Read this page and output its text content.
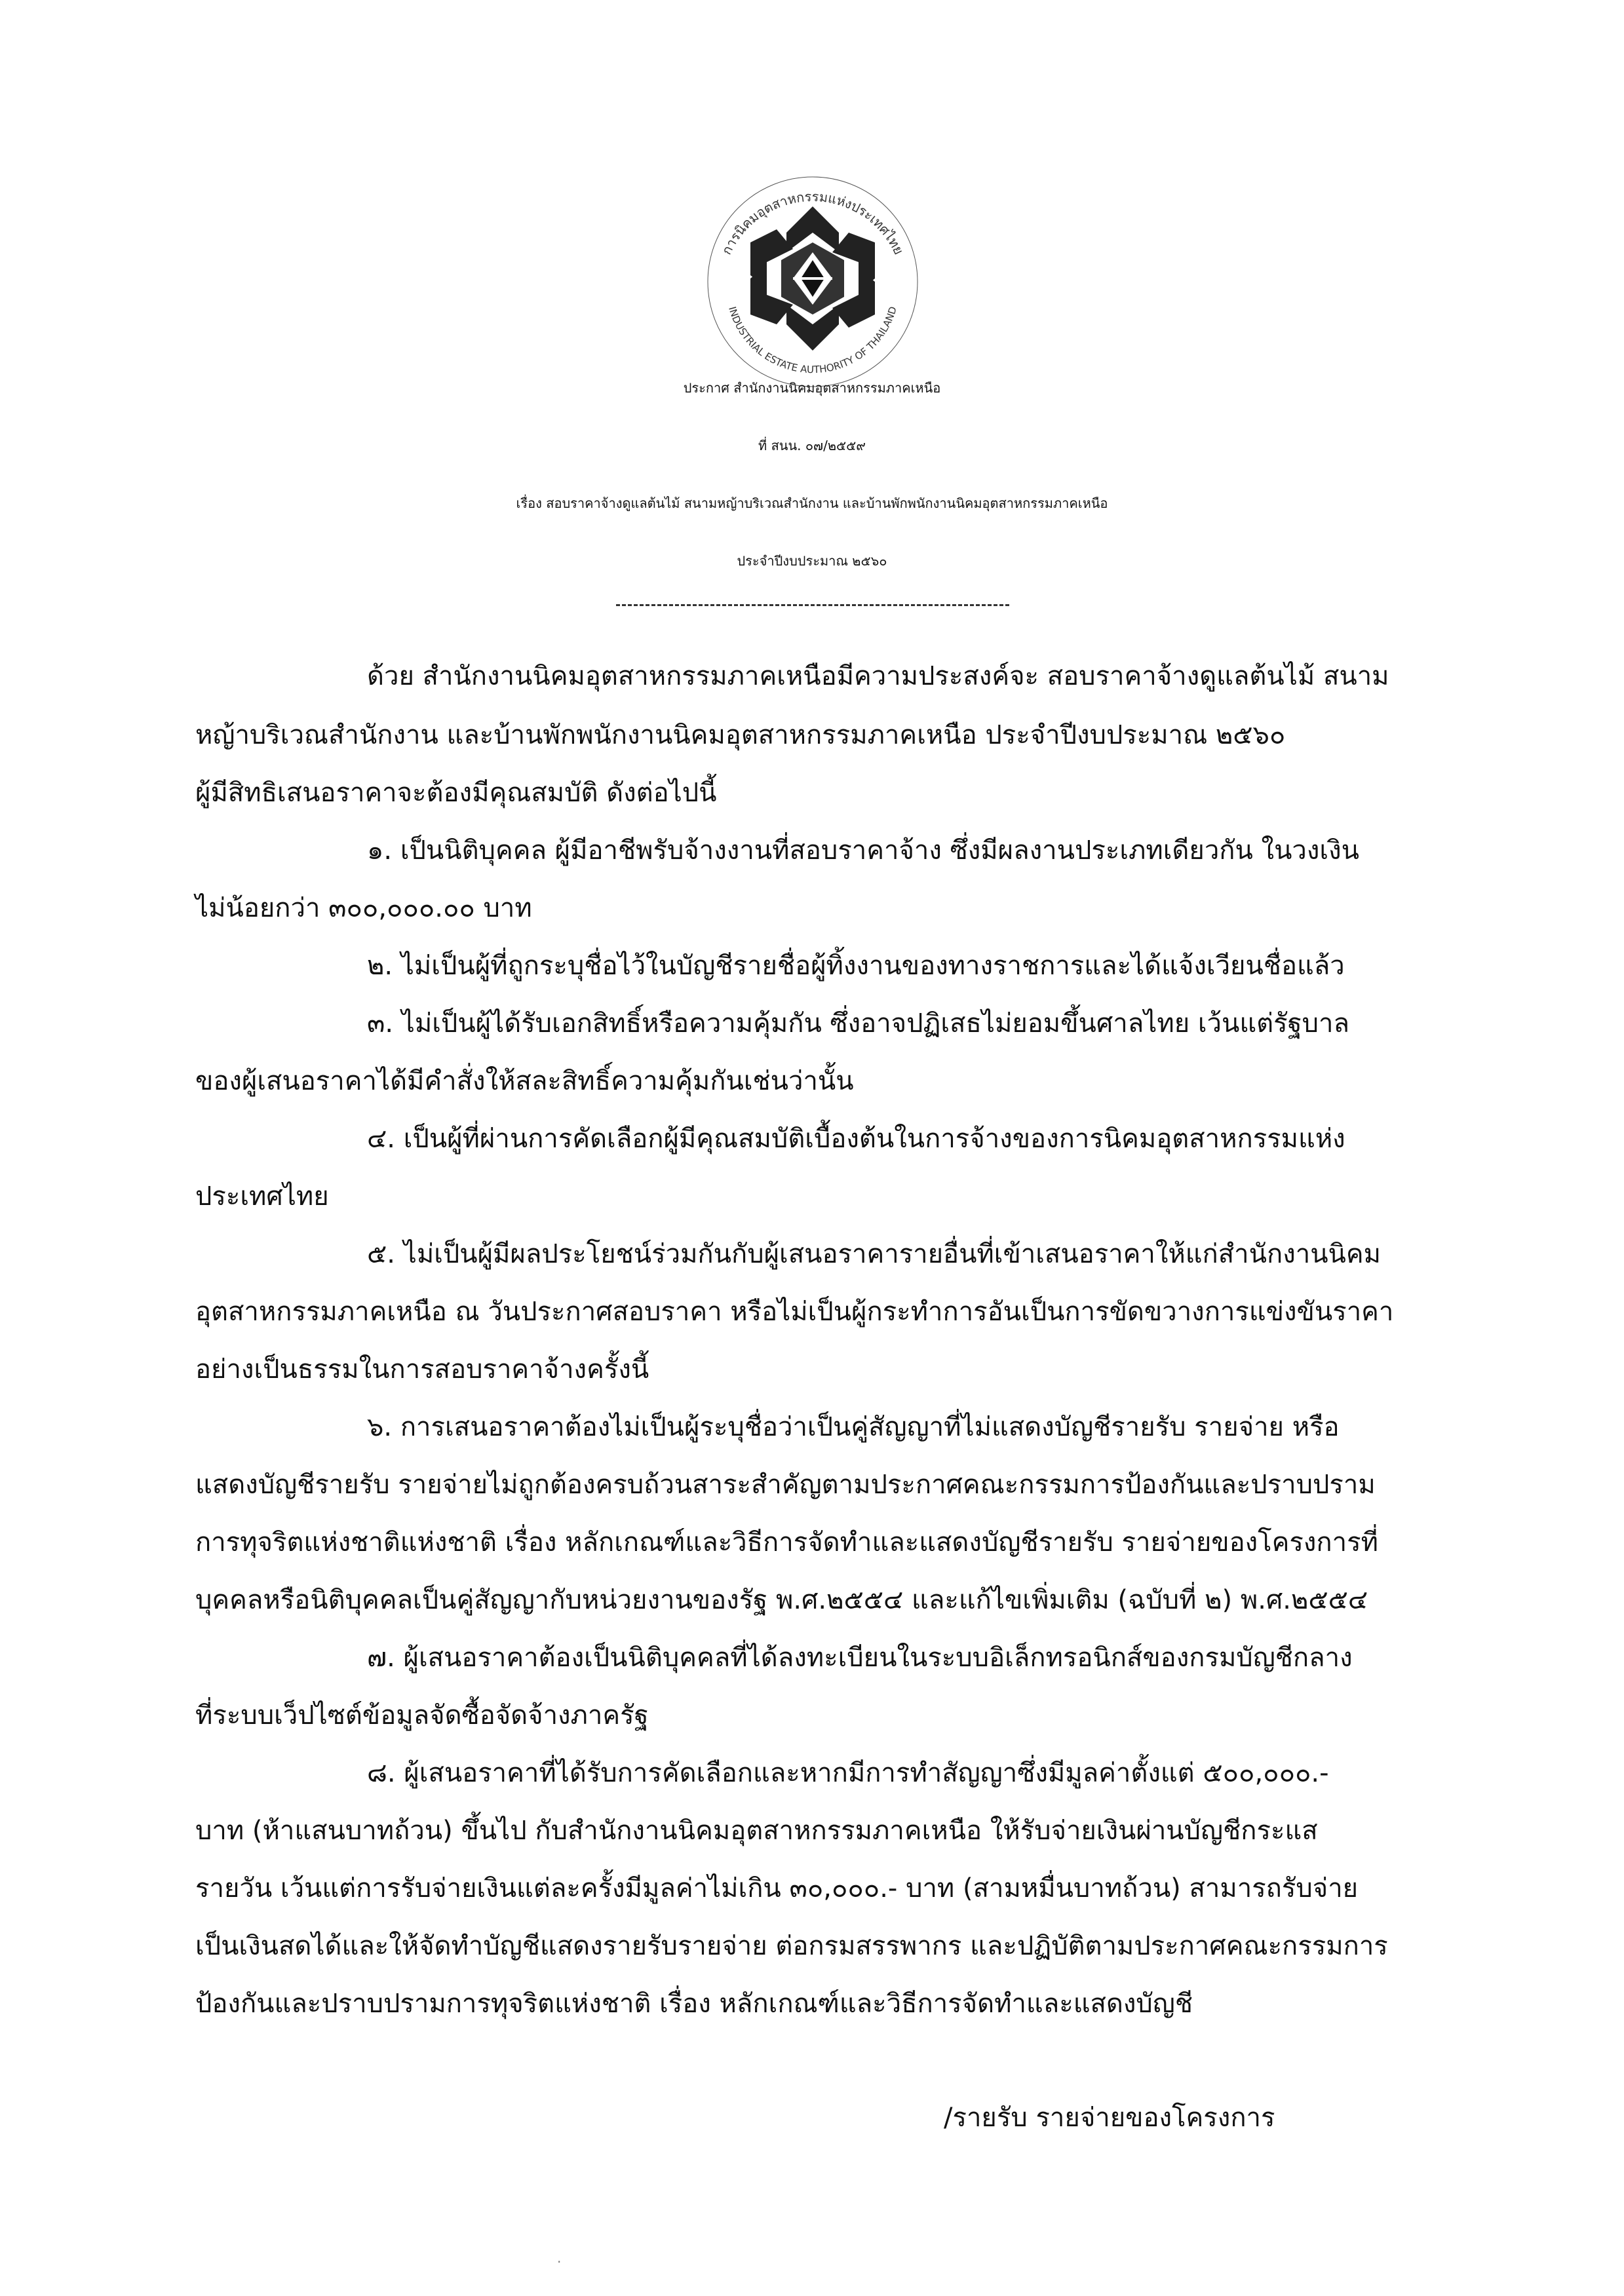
การนิคมอุตสาหกรรมแห่งประเทศไทย
INDUSTRIAL ESTATE AUTHORITY OF THAILAND
ประกาศ สำนักงานนิคมอุตสาหกรรมภาคเหนือ
ที่ สนน. ๐๗/๒๕๕๙
เรื่อง สอบราคาจ้างดูแลต้นไม้ สนามหญ้าบริเวณสำนักงาน และบ้านพักพนักงานนิคมอุตสาหกรรมภาคเหนือ
ประจำปีงบประมาณ ๒๕๖๐
ด้วย สำนักงานนิคมอุตสาหกรรมภาคเหนือมีความประสงค์จะ สอบราคาจ้างดูแลต้นไม้ สนาม
หญ้าบริเวณสำนักงาน และบ้านพักพนักงานนิคมอุตสาหกรรมภาคเหนือ ประจำปีงบประมาณ ๒๕๖๐
ผู้มีสิทธิเสนอราคาจะต้องมีคุณสมบัติ ดังต่อไปนี้
๑. เป็นนิติบุคคล ผู้มีอาชีพรับจ้างงานที่สอบราคาจ้าง ซึ่งมีผลงานประเภทเดียวกัน ในวงเงิน
ไม่น้อยกว่า ๓๐๐,๐๐๐.๐๐ บาท
๒. ไม่เป็นผู้ที่ถูกระบุชื่อไว้ในบัญชีรายชื่อผู้ทิ้งงานของทางราชการและได้แจ้งเวียนชื่อแล้ว
๓. ไม่เป็นผู้ได้รับเอกสิทธิ์หรือความคุ้มกัน ซึ่งอาจปฏิเสธไม่ยอมขึ้นศาลไทย เว้นแต่รัฐบาล
ของผู้เสนอราคาได้มีคำสั่งให้สละสิทธิ์ความคุ้มกันเช่นว่านั้น
๔. เป็นผู้ที่ผ่านการคัดเลือกผู้มีคุณสมบัติเบื้องต้นในการจ้างของการนิคมอุตสาหกรรมแห่ง
ประเทศไทย
๕. ไม่เป็นผู้มีผลประโยชน์ร่วมกันกับผู้เสนอราคารายอื่นที่เข้าเสนอราคาให้แก่สำนักงานนิคม
อุตสาหกรรมภาคเหนือ ณ วันประกาศสอบราคา หรือไม่เป็นผู้กระทำการอันเป็นการขัดขวางการแข่งขันราคา
อย่างเป็นธรรมในการสอบราคาจ้างครั้งนี้
๖. การเสนอราคาต้องไม่เป็นผู้ระบุชื่อว่าเป็นคู่สัญญาที่ไม่แสดงบัญชีรายรับ รายจ่าย หรือ
แสดงบัญชีรายรับ รายจ่ายไม่ถูกต้องครบถ้วนสาระสำคัญตามประกาศคณะกรรมการป้องกันและปราบปราม
การทุจริตแห่งชาติแห่งชาติ เรื่อง หลักเกณฑ์และวิธีการจัดทำและแสดงบัญชีรายรับ รายจ่ายของโครงการที่
บุคคลหรือนิติบุคคลเป็นคู่สัญญากับหน่วยงานของรัฐ พ.ศ.๒๕๕๔ และแก้ไขเพิ่มเติม (ฉบับที่ ๒) พ.ศ.๒๕๕๔
๗. ผู้เสนอราคาต้องเป็นนิติบุคคลที่ได้ลงทะเบียนในระบบอิเล็กทรอนิกส์ของกรมบัญชีกลาง
ที่ระบบเว็ปไซต์ข้อมูลจัดซื้อจัดจ้างภาครัฐ
๘. ผู้เสนอราคาที่ได้รับการคัดเลือกและหากมีการทำสัญญาซึ่งมีมูลค่าตั้งแต่ ๕๐๐,๐๐๐.-
บาท (ห้าแสนบาทถ้วน) ขึ้นไป กับสำนักงานนิคมอุตสาหกรรมภาคเหนือ ให้รับจ่ายเงินผ่านบัญชีกระแส
รายวัน เว้นแต่การรับจ่ายเงินแต่ละครั้งมีมูลค่าไม่เกิน ๓๐,๐๐๐.- บาท (สามหมื่นบาทถ้วน) สามารถรับจ่าย
เป็นเงินสดได้และให้จัดทำบัญชีแสดงรายรับรายจ่าย ต่อกรมสรรพากร และปฏิบัติตามประกาศคณะกรรมการ
ป้องกันและปราบปรามการทุจริตแห่งชาติ เรื่อง หลักเกณฑ์และวิธีการจัดทำและแสดงบัญชี
/รายรับ รายจ่ายของโครงการ
·
